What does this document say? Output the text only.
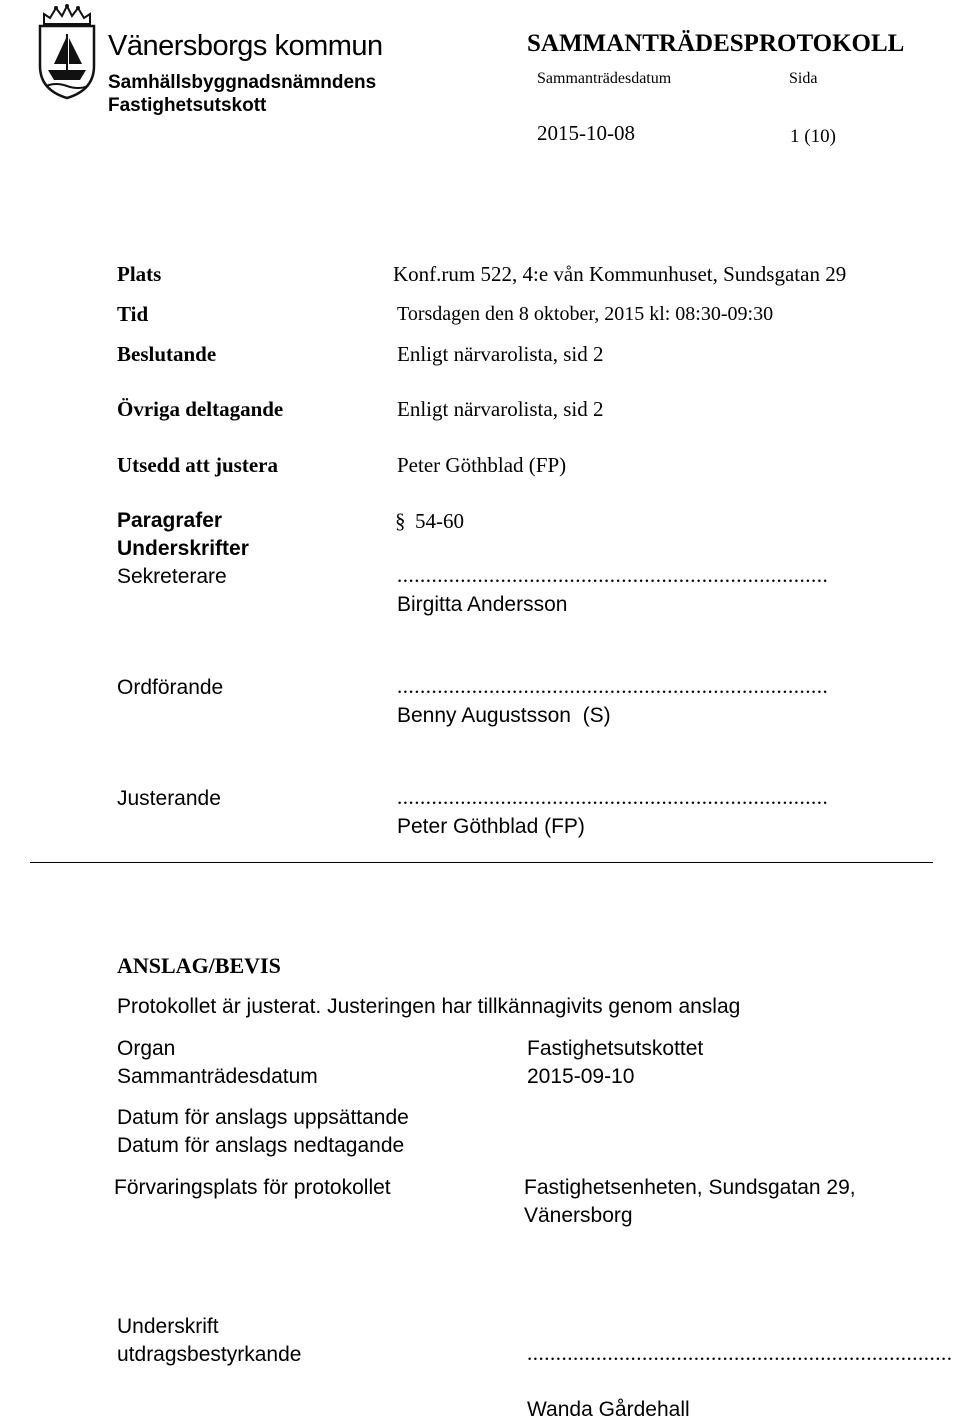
Vänersborgs kommun
Samhällsbyggnadsnämndens
Fastighetsutskott
SAMMANTRÄDESPROTOKOLL
Sammanträdesdatum	Sida
2015-10-08	1 (10)
Plats	Konf.rum 522, 4:e vån Kommunhuset, Sundsgatan 29
Tid	Torsdagen den 8 oktober, 2015 kl: 08:30-09:30
Beslutande	Enligt närvarolista, sid 2
Övriga deltagande	Enligt närvarolista, sid 2
Utsedd att justera	Peter Göthblad (FP)
Paragrafer	§ 54-60
Underskrifter
Sekreterare	...........................................................................
Birgitta Andersson
Ordförande	...........................................................................
Benny Augustsson  (S)
Justerande	...........................................................................
Peter Göthblad (FP)
ANSLAG/BEVIS
Protokollet är justerat. Justeringen har tillkännagivits genom anslag
Organ	Fastighetsutskottet
Sammanträdesdatum	2015-09-10
Datum för anslags uppsättande
Datum för anslags nedtagande
Förvaringsplats för protokollet	Fastighetsenheten, Sundsgatan 29,
Vänersborg
Underskrift
utdragsbestyrkande	..........................................................................
Wanda Gårdehall
